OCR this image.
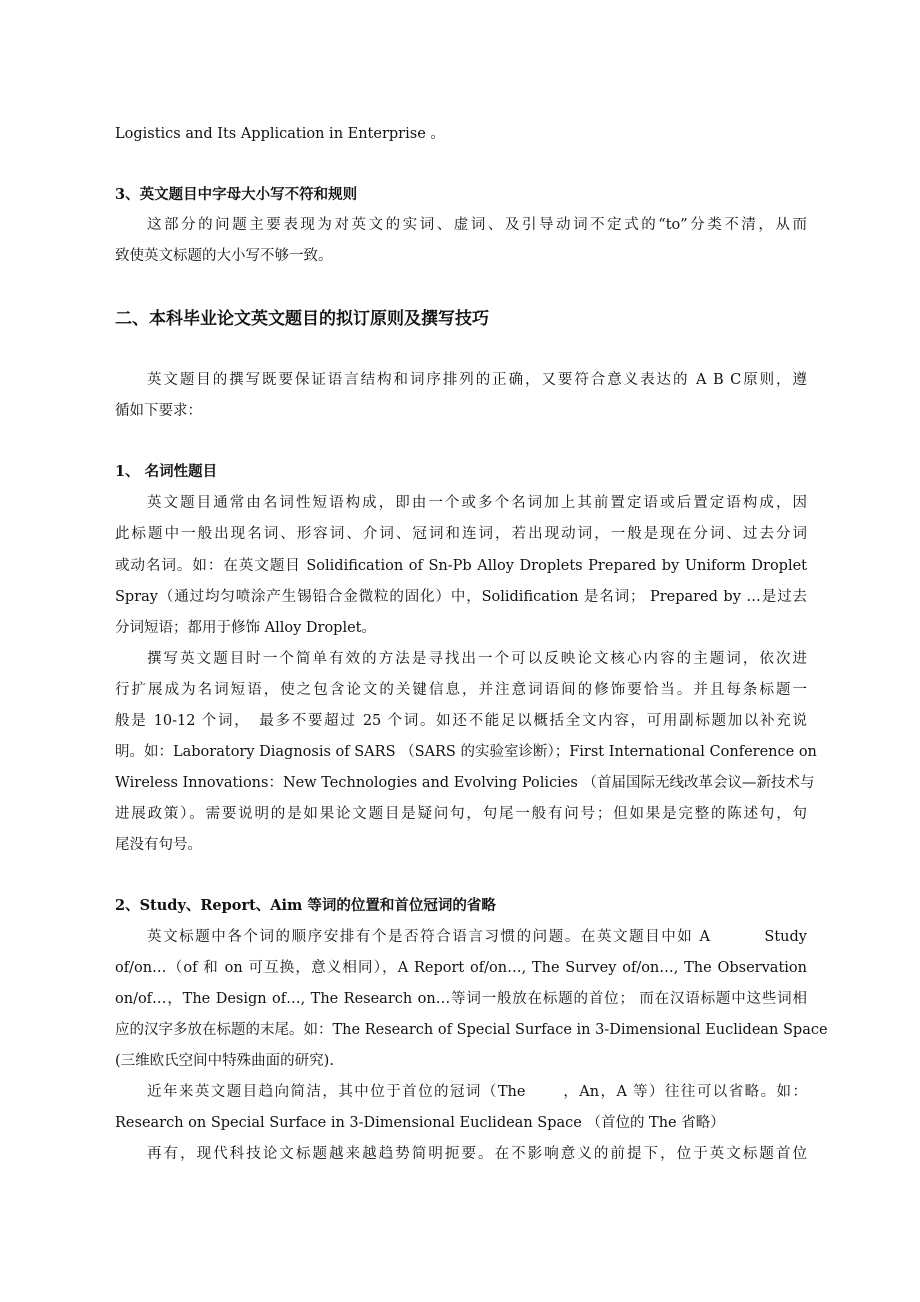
Logistics and Its Application in Enterprise 。
3、英文题目中字母大小写不符和规则
这部分的问题主要表现为对英文的实词、虚词、及引导动词不定式的“to”分类不清，从而
致使英文标题的大小写不够一致。
二、本科毕业论文英文题目的拟订原则及撰写技巧
英文题目的撰写既要保证语言结构和词序排列的正确，又要符合意义表达的 A B C原则，遵
循如下要求：
1、 名词性题目
英文题目通常由名词性短语构成，即由一个或多个名词加上其前置定语或后置定语构成，因
此标题中一般出现名词、形容词、介词、冠词和连词，若出现动词，一般是现在分词、过去分词
或动名词。如：在英文题目 Solidification of Sn-Pb Alloy Droplets Prepared by Uniform Droplet
Spray（通过均匀喷涂产生锡铅合金微粒的固化）中，Solidification 是名词； Prepared by …是过去
分词短语；都用于修饰 Alloy Droplet。
撰写英文题目时一个简单有效的方法是寻找出一个可以反映论文核心内容的主题词，依次进
行扩展成为名词短语，使之包含论文的关键信息，并注意词语间的修饰要恰当。并且每条标题一
般是 10-12 个词，　最多不要超过 25 个词。如还不能足以概括全文内容，可用副标题加以补充说
明。如：Laboratory Diagnosis of SARS （SARS 的实验室诊断）；First International Conference on
Wireless Innovations：New Technologies and Evolving Policies （首届国际无线改革会议—新技术与
进展政策）。需要说明的是如果论文题目是疑问句，句尾一般有问号；但如果是完整的陈述句，句
尾没有句号。
2、Study、Report、Aim 等词的位置和首位冠词的省略
英文标题中各个词的顺序安排有个是否符合语言习惯的问题。在英文题目中如 A 　　　Study
of/on…（of 和 on 可互换，意义相同），A Report of/on…, The Survey of/on…, The Observation
on/of…，The Design of…, The Research on…等词一般放在标题的首位； 而在汉语标题中这些词相
应的汉字多放在标题的末尾。如：The Research of Special Surface in 3-Dimensional Euclidean Space
(三维欧氏空间中特殊曲面的研究).
近年来英文题目趋向简洁，其中位于首位的冠词（The 　　，An，A 等）往往可以省略。如：
Research on Special Surface in 3-Dimensional Euclidean Space （首位的 The 省略）
再有，现代科技论文标题越来越趋势简明扼要。在不影响意义的前提下，位于英文标题首位
